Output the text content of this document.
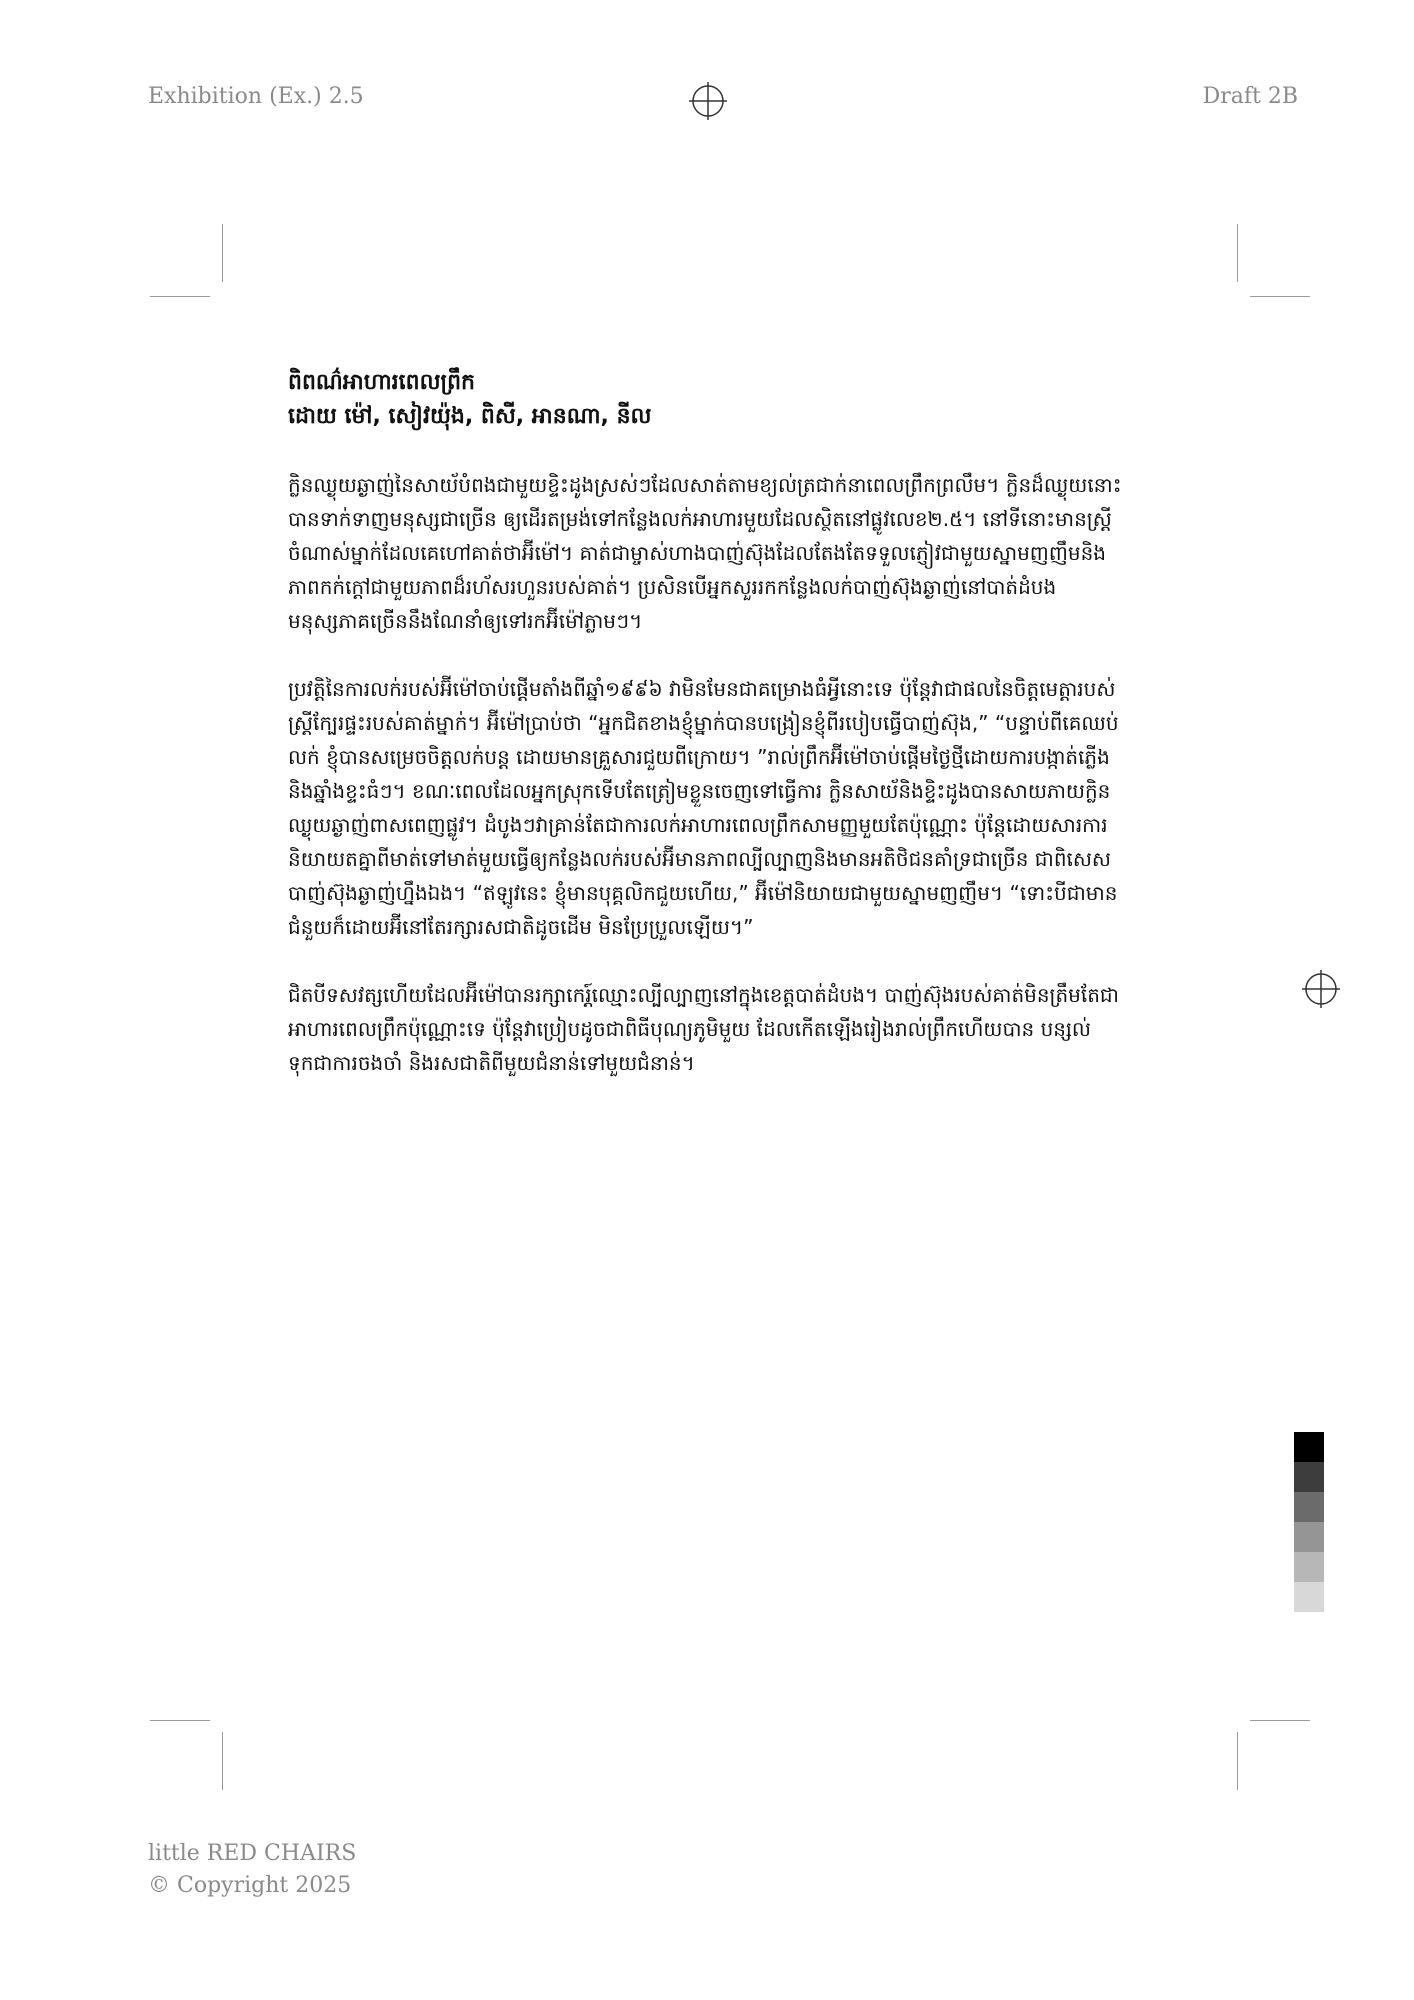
Exhibition (Ex.) 2.5	Draft 2B
ពិពណ៌អាហារពេលព្រឹក
ដោយ ម៉ៅ, សៀវយ៉ុង, ពិសី, អានណា, នីល

ក្លិនឈ្ងុយឆ្ងាញ់នៃសាយ័បំពងជាមួយខ្ទិះដូងស្រស់ៗដែលសាត់តាមខ្យល់ត្រជាក់នាពេលព្រឹកព្រលឹម។ ក្លិនដ៏ឈ្ងុយនោះបានទាក់ទាញមនុស្សជាច្រើន ឲ្យដើរតម្រង់ទៅកន្លែងលក់អាហារមួយដែលស្ថិតនៅផ្លូវលេខ២.៥។ នៅទីនោះមានស្ត្រីចំណាស់ម្នាក់ដែលគេហៅគាត់ថាអ៊ីម៉ៅ។ គាត់ជាម្ចាស់ហាងបាញ់ស៊ុងដែលតែងតែទទួលភ្ញៀវជាមួយស្នាមញញឹមនិងភាពកក់ក្ដៅជាមួយភាពដ៏រហ័សរហួនរបស់គាត់។ ប្រសិនបើអ្នកសួររកកន្លែងលក់បាញ់ស៊ុងឆ្ងាញ់នៅបាត់ដំបងមនុស្សភាគច្រើននឹងណែនាំឲ្យទៅរកអ៊ីម៉ៅភ្លាមៗ។

ប្រវត្តិនៃការលក់របស់អ៊ីម៉ៅចាប់ផ្ដើមតាំងពីឆ្នាំ១៩៩៦ វាមិនមែនជាគម្រោងធំអ្វីនោះទេ ប៉ុន្តែវាជាផលនៃចិត្តមេត្តារបស់ស្ត្រីក្បែរផ្ទះរបស់គាត់ម្នាក់។ អ៊ីម៉ៅប្រាប់ថា “អ្នកជិតខាងខ្ញុំម្នាក់បានបង្រៀនខ្ញុំពីរបៀបធ្វើបាញ់ស៊ុង,” “បន្ទាប់ពីគេឈប់លក់ ខ្ញុំបានសម្រេចចិត្តលក់បន្ត ដោយមានគ្រួសារជួយពីក្រោយ។ ”រាល់ព្រឹកអ៊ីម៉ៅចាប់ផ្ដើមថ្ងៃថ្មីដោយការបង្កាត់ភ្លើងនិងឆ្នាំងខ្ទះធំៗ។ ខណៈពេលដែលអ្នកស្រុកទើបតែត្រៀមខ្លួនចេញទៅធ្វើការ ក្លិនសាយ័និងខ្ទិះដូងបានសាយភាយក្លិនឈ្ងុយឆ្ងាញ់ពាសពេញផ្លូវ។ ដំបូងៗវាគ្រាន់តែជាការលក់អាហារពេលព្រឹកសាមញ្ញមួយតែប៉ុណ្ណោះ ប៉ុន្តែដោយសារការនិយាយតគ្នាពីមាត់ទៅមាត់មួយធ្វើឲ្យកន្លែងលក់របស់អ៊ីមានភាពល្បីល្បាញនិងមានអតិថិជនគាំទ្រជាច្រើន ជាពិសេសបាញ់ស៊ុងឆ្ងាញ់ហ្នឹងឯង។ “ឥឡូវនេះ ខ្ញុំមានបុគ្គលិកជួយហើយ,” អ៊ីម៉ៅនិយាយជាមួយស្នាមញញឹម។ “ទោះបីជាមានជំនួយក៏ដោយអ៊ីនៅតែរក្សារសជាតិដូចដើម មិនប្រែប្រួលឡើយ។”

ជិតបីទសវត្សហើយដែលអ៊ីម៉ៅបានរក្សាកេរ្ត៍ឈ្មោះល្បីល្បាញនៅក្នុងខេត្តបាត់ដំបង។ បាញ់ស៊ុងរបស់គាត់មិនត្រឹមតែជាអាហារពេលព្រឹកប៉ុណ្ណោះទេ ប៉ុន្តែវាប្រៀបដូចជាពិធីបុណ្យភូមិមួយ ដែលកើតឡើងរៀងរាល់ព្រឹកហើយបាន បន្សល់ទុកជាការចងចាំ និងរសជាតិពីមួយជំនាន់ទៅមួយជំនាន់។

little RED CHAIRS
© Copyright 2025
